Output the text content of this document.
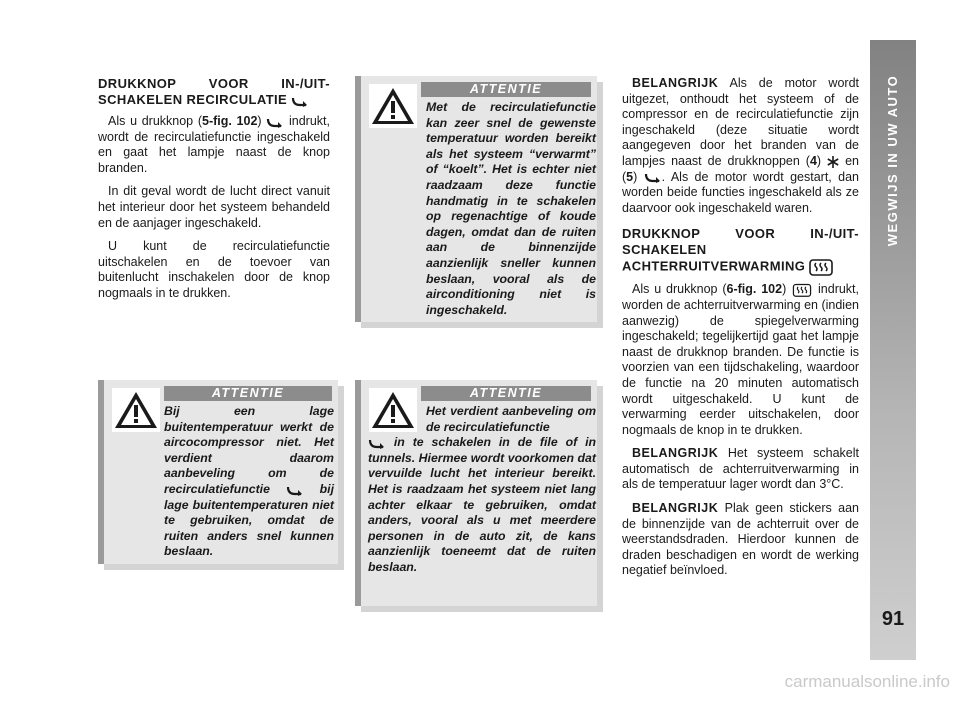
DRUKKNOP VOOR IN-/UIT-SCHAKELEN RECIRCULATIE

Als u drukknop (5-fig. 102)  indrukt, wordt de recirculatiefunctie ingeschakeld en gaat het lampje naast de knop branden.

In dit geval wordt de lucht direct vanuit het interieur door het systeem behandeld en de aanjager ingeschakeld.

U kunt de recirculatiefunctie uitschakelen en de toevoer van buitenlucht inschakelen door de knop nogmaals in te drukken.

ATTENTIE
Met de recirculatiefunctie kan zeer snel de gewenste temperatuur worden bereikt als het systeem “verwarmt” of “koelt”. Het is echter niet raadzaam deze functie handmatig in te schakelen op regenachtige of koude dagen, omdat dan de ruiten aan de binnenzijde aanzienlijk sneller kunnen beslaan, vooral als de airconditioning niet is ingeschakeld.
ATTENTIE
Bij een lage buitentemperatuur werkt de aircocompressor niet. Het verdient daarom aanbeveling om de recirculatiefunctie	bij lage buitentemperaturen niet te gebruiken, omdat de ruiten anders snel kunnen beslaan.
ATTENTIE
Het verdient aanbeveling om de recirculatiefunctie
in te schakelen in de file of in tunnels. Hiermee wordt voorkomen dat vervuilde lucht het interieur bereikt. Het is raadzaam het systeem niet lang achter elkaar te gebruiken, omdat anders, vooral als u met meerdere personen in de auto zit, de kans aanzienlijk toeneemt dat de ruiten beslaan.

BELANGRIJK Als de motor wordt uitgezet, onthoudt het systeem of de compressor en de recirculatiefunctie zijn ingeschakeld (deze situatie wordt aangegeven door het branden van de lampjes naast de drukknoppen (4)  en (5) . Als de motor wordt gestart, dan worden beide functies ingeschakeld als ze daarvoor ook ingeschakeld waren.

DRUKKNOP VOOR IN-/UIT-SCHAKELEN ACHTERRUITVERWARMING

Als u drukknop (6-fig. 102)  indrukt, worden de achterruitverwarming en (indien aanwezig) de spiegelverwarming ingeschakeld; tegelijkertijd gaat het lampje naast de drukknop branden. De functie is voorzien van een tijdschakeling, waardoor de functie na 20 minuten automatisch wordt uitgeschakeld. U kunt de verwarming eerder uitschakelen, door nogmaals de knop in te drukken.

BELANGRIJK Het systeem schakelt automatisch de achterruitverwarming in als de temperatuur lager wordt dan 3°C.

BELANGRIJK Plak geen stickers aan de binnenzijde van de achterruit over de weerstandsdraden. Hierdoor kunnen de draden beschadigen en wordt de werking negatief beïnvloed.

WEGWIJS IN UW AUTO
91
carmanualsonline.info
